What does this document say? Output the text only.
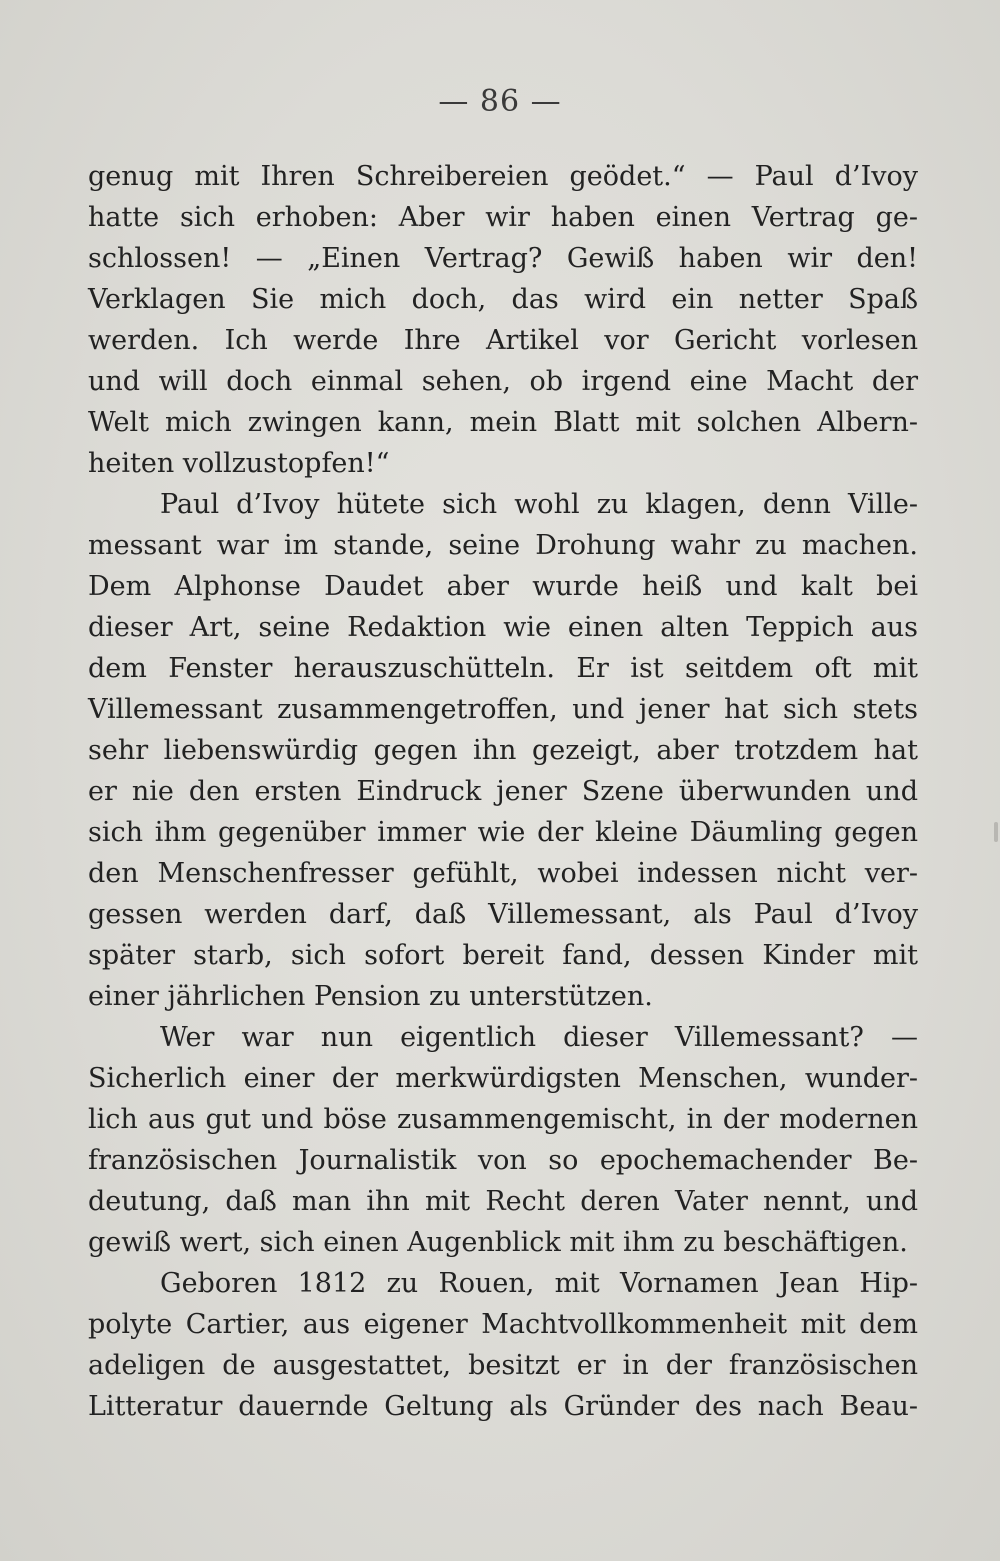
— 86 —
genug mit Ihren Schreibereien geödet.“ — Paul d’Ivoy
hatte sich erhoben: Aber wir haben einen Vertrag ge-
schlossen! — „Einen Vertrag? Gewiß haben wir den!
Verklagen Sie mich doch, das wird ein netter Spaß
werden. Ich werde Ihre Artikel vor Gericht vorlesen
und will doch einmal sehen, ob irgend eine Macht der
Welt mich zwingen kann, mein Blatt mit solchen Albern-
heiten vollzustopfen!“
Paul d’Ivoy hütete sich wohl zu klagen, denn Ville-
messant war im stande, seine Drohung wahr zu machen.
Dem Alphonse Daudet aber wurde heiß und kalt bei
dieser Art, seine Redaktion wie einen alten Teppich aus
dem Fenster herauszuschütteln. Er ist seitdem oft mit
Villemessant zusammengetroffen, und jener hat sich stets
sehr liebenswürdig gegen ihn gezeigt, aber trotzdem hat
er nie den ersten Eindruck jener Szene überwunden und
sich ihm gegenüber immer wie der kleine Däumling gegen
den Menschenfresser gefühlt, wobei indessen nicht ver-
gessen werden darf, daß Villemessant, als Paul d’Ivoy
später starb, sich sofort bereit fand, dessen Kinder mit
einer jährlichen Pension zu unterstützen.
Wer war nun eigentlich dieser Villemessant? —
Sicherlich einer der merkwürdigsten Menschen, wunder-
lich aus gut und böse zusammengemischt, in der modernen
französischen Journalistik von so epochemachender Be-
deutung, daß man ihn mit Recht deren Vater nennt, und
gewiß wert, sich einen Augenblick mit ihm zu beschäftigen.
Geboren 1812 zu Rouen, mit Vornamen Jean Hip-
polyte Cartier, aus eigener Machtvollkommenheit mit dem
adeligen de ausgestattet, besitzt er in der französischen
Litteratur dauernde Geltung als Gründer des nach Beau-
